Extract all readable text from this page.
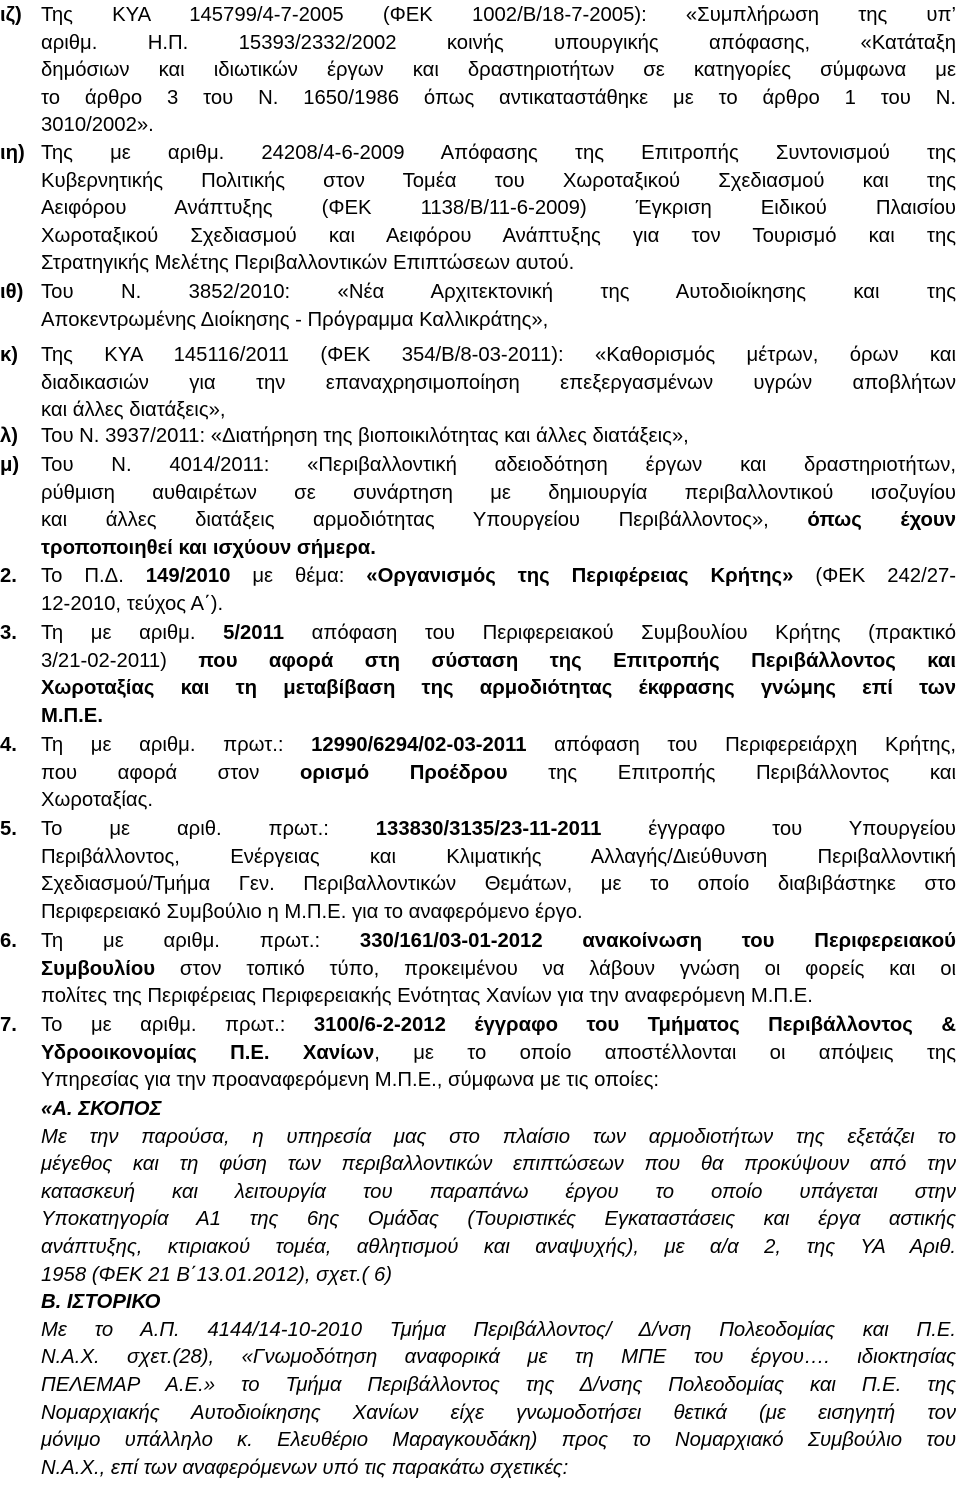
ιζ) Της ΚΥΑ 145799/4-7-2005 (ΦΕΚ 1002/Β/18-7-2005): «Συμπλήρωση της υπ’
αριθμ. Η.Π. 15393/2332/2002 κοινής υπουργικής απόφασης, «Κατάταξη
δημόσιων και ιδιωτικών έργων και δραστηριοτήτων σε κατηγορίες σύμφωνα με
το άρθρο 3 του Ν. 1650/1986 όπως αντικαταστάθηκε με το άρθρο 1 του Ν.
3010/2002».
ιη) Της με αριθμ. 24208/4-6-2009 Απόφασης της Επιτροπής Συντονισμού της
Κυβερνητικής Πολιτικής στον Τομέα του Χωροταξικού Σχεδιασμού και της
Αειφόρου Ανάπτυξης (ΦΕΚ 1138/Β/11-6-2009) Έγκριση Ειδικού Πλαισίου
Χωροταξικού Σχεδιασμού και Αειφόρου Ανάπτυξης για τον Τουρισμό και της
Στρατηγικής Μελέτης Περιβαλλοντικών Επιπτώσεων αυτού.
ιθ) Του Ν. 3852/2010: «Νέα Αρχιτεκτονική της Αυτοδιοίκησης και της
Αποκεντρωμένης Διοίκησης - Πρόγραμμα Καλλικράτης»,
κ)	Της ΚΥΑ 145116/2011 (ΦΕΚ 354/Β/8-03-2011): «Καθορισμός μέτρων, όρων και
διαδικασιών για την επαναχρησιμοποίηση επεξεργασμένων υγρών αποβλήτων
και άλλες διατάξεις»,
λ)	Του Ν. 3937/2011: «Διατήρηση της βιοποικιλότητας και άλλες διατάξεις»,
μ)	Του Ν. 4014/2011: «Περιβαλλοντική αδειοδότηση έργων και δραστηριοτήτων,
ρύθμιση αυθαιρέτων σε συνάρτηση με δημιουργία περιβαλλοντικού ισοζυγίου
και άλλες διατάξεις αρμοδιότητας Υπουργείου Περιβάλλοντος», όπως έχουν
τροποποιηθεί και ισχύουν σήμερα.
2.	Το Π.Δ. 149/2010 με θέμα: «Οργανισμός της Περιφέρειας Κρήτης» (ΦΕΚ 242/27-
12-2010, τεύχος Α΄).
3.	Τη με αριθμ. 5/2011 απόφαση του Περιφερειακού Συμβουλίου Κρήτης (πρακτικό
3/21-02-2011) που αφορά στη σύσταση της Επιτροπής Περιβάλλοντος και
Χωροταξίας και τη μεταβίβαση της αρμοδιότητας έκφρασης γνώμης επί των
Μ.Π.Ε.
4.	Τη με αριθμ. πρωτ.: 12990/6294/02-03-2011 απόφαση του Περιφερειάρχη Κρήτης,
που αφορά στον ορισμό Προέδρου της Επιτροπής Περιβάλλοντος και
Χωροταξίας.
5.	Το με αριθ. πρωτ.: 133830/3135/23-11-2011 έγγραφο του Υπουργείου
Περιβάλλοντος, Ενέργειας και Κλιματικής Αλλαγής/Διεύθυνση Περιβαλλοντική
Σχεδιασμού/Τμήμα Γεν. Περιβαλλοντικών Θεμάτων, με το οποίο διαβιβάστηκε στο
Περιφερειακό Συμβούλιο η Μ.Π.Ε. για το αναφερόμενο έργο.
6.	Τη με αριθμ. πρωτ.: 330/161/03-01-2012 ανακοίνωση του Περιφερειακού
Συμβουλίου στον τοπικό τύπο, προκειμένου να λάβουν γνώση οι φορείς και οι
πολίτες της Περιφέρειας Περιφερειακής Ενότητας Χανίων για την αναφερόμενη Μ.Π.Ε.
7.	Το με αριθμ. πρωτ.: 3100/6-2-2012 έγγραφο του Τμήματος Περιβάλλοντος &
Υδροοικονομίας Π.Ε. Χανίων, με το οποίο αποστέλλονται οι απόψεις της
Υπηρεσίας για την προαναφερόμενη Μ.Π.Ε., σύμφωνα με τις οποίες:
«Α. ΣΚΟΠΟΣ
Με την παρούσα, η υπηρεσία μας στο πλαίσιο των αρμοδιοτήτων της εξετάζει το
μέγεθος και τη φύση των περιβαλλοντικών επιπτώσεων που θα προκύψουν από την
κατασκευή και λειτουργία του παραπάνω έργου το οποίο υπάγεται στην
Υποκατηγορία Α1 της 6ης Ομάδας (Τουριστικές Εγκαταστάσεις και έργα αστικής
ανάπτυξης, κτιριακού τομέα, αθλητισμού και αναψυχής), με α/α 2, της ΥΑ Αριθ.
1958 (ΦΕΚ 21 Β΄13.01.2012), σχετ.( 6)
Β. ΙΣΤΟΡΙΚΟ
Με το Α.Π. 4144/14-10-2010 Τμήμα Περιβάλλοντος/ Δ/νση Πολεοδομίας και Π.Ε.
Ν.Α.Χ. σχετ.(28), «Γνωμοδότηση αναφορικά με τη ΜΠΕ του έργου…. ιδιοκτησίας
ΠΕΛΕΜΑΡ Α.Ε.» το Τμήμα Περιβάλλοντος της Δ/νσης Πολεοδομίας και Π.Ε. της
Νομαρχιακής Αυτοδιοίκησης Χανίων είχε γνωμοδοτήσει θετικά (με εισηγητή τον
μόνιμο υπάλληλο κ. Ελευθέριο Μαραγκουδάκη) προς το Νομαρχιακό Συμβούλιο του
Ν.Α.Χ., επί των αναφερόμενων υπό τις παρακάτω σχετικές:
